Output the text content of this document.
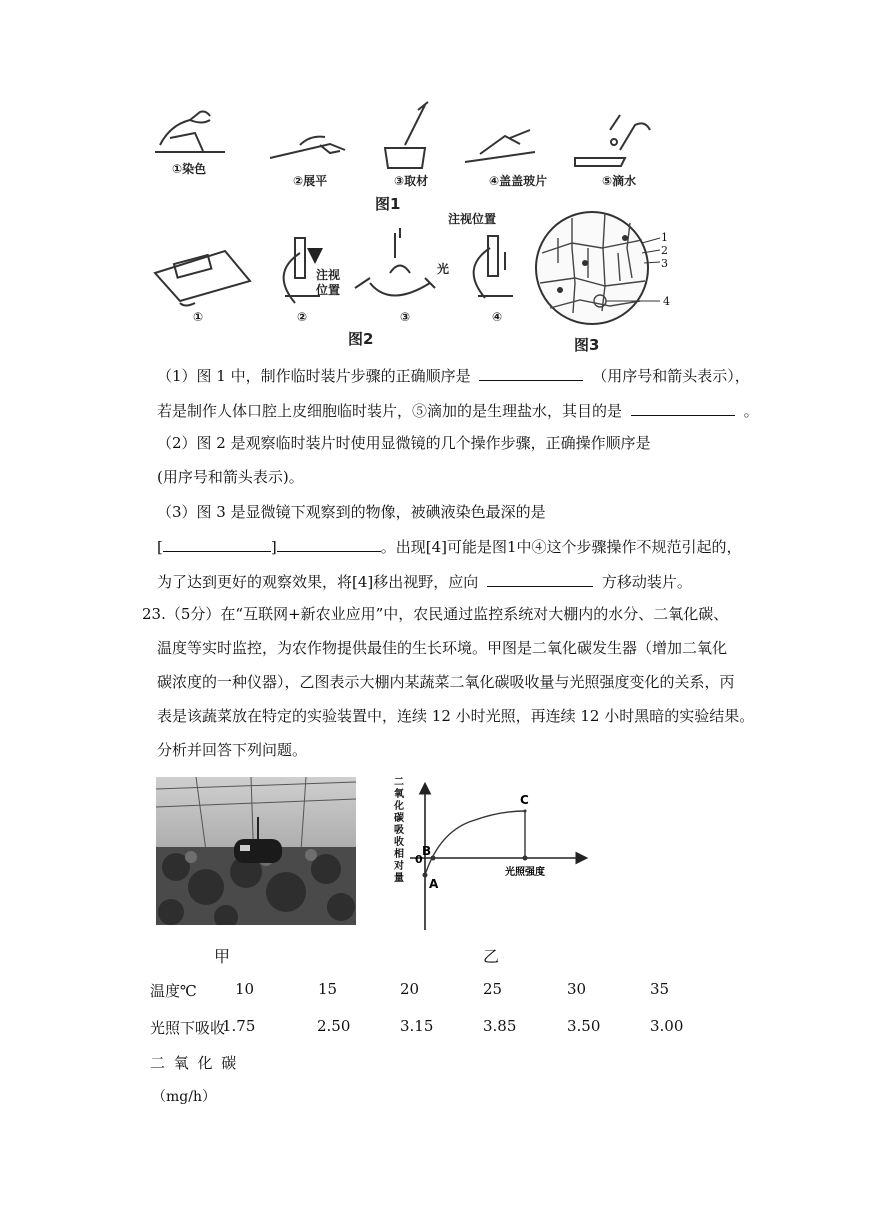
①染色
②展平	③取材	④盖盖玻片	⑤滴水
图1
注视位置
注视
位置
光
①	②	③	④
图2
1
2
3
4
图3
（1）图 1 中，制作临时装片步骤的正确顺序是	（用序号和箭头表示），
若是制作人体口腔上皮细胞临时装片，⑤滴加的是生理盐水，其目的是	。
（2）图 2 是观察临时装片时使用显微镜的几个操作步骤，正确操作顺序是
(用序号和箭头表示)。
（3）图 3 是显微镜下观察到的物像，被碘液染色最深的是
[	]	。出现[4]可能是图1中④这个步骤操作不规范引起的，
为了达到更好的观察效果，将[4]移出视野，应向	方移动装片。
23.（5分）在“互联网+新农业应用”中，农民通过监控系统对大棚内的水分、二氧化碳、
温度等实时监控，为农作物提供最佳的生长环境。甲图是二氧化碳发生器（增加二氧化
碳浓度的一种仪器），乙图表示大棚内某蔬菜二氧化碳吸收量与光照强度变化的关系，丙
表是该蔬菜放在特定的实验装置中，连续 12 小时光照，再连续 12 小时黑暗的实验结果。
分析并回答下列问题。
甲
A
B
C
0
光照强度
二氧化碳吸收相对量
乙
温度℃	10	15	20	25	30	35
光照下吸收
1.75	2.50	3.15	3.85	3.50	3.00
二 氧 化 碳
（mg/h）
